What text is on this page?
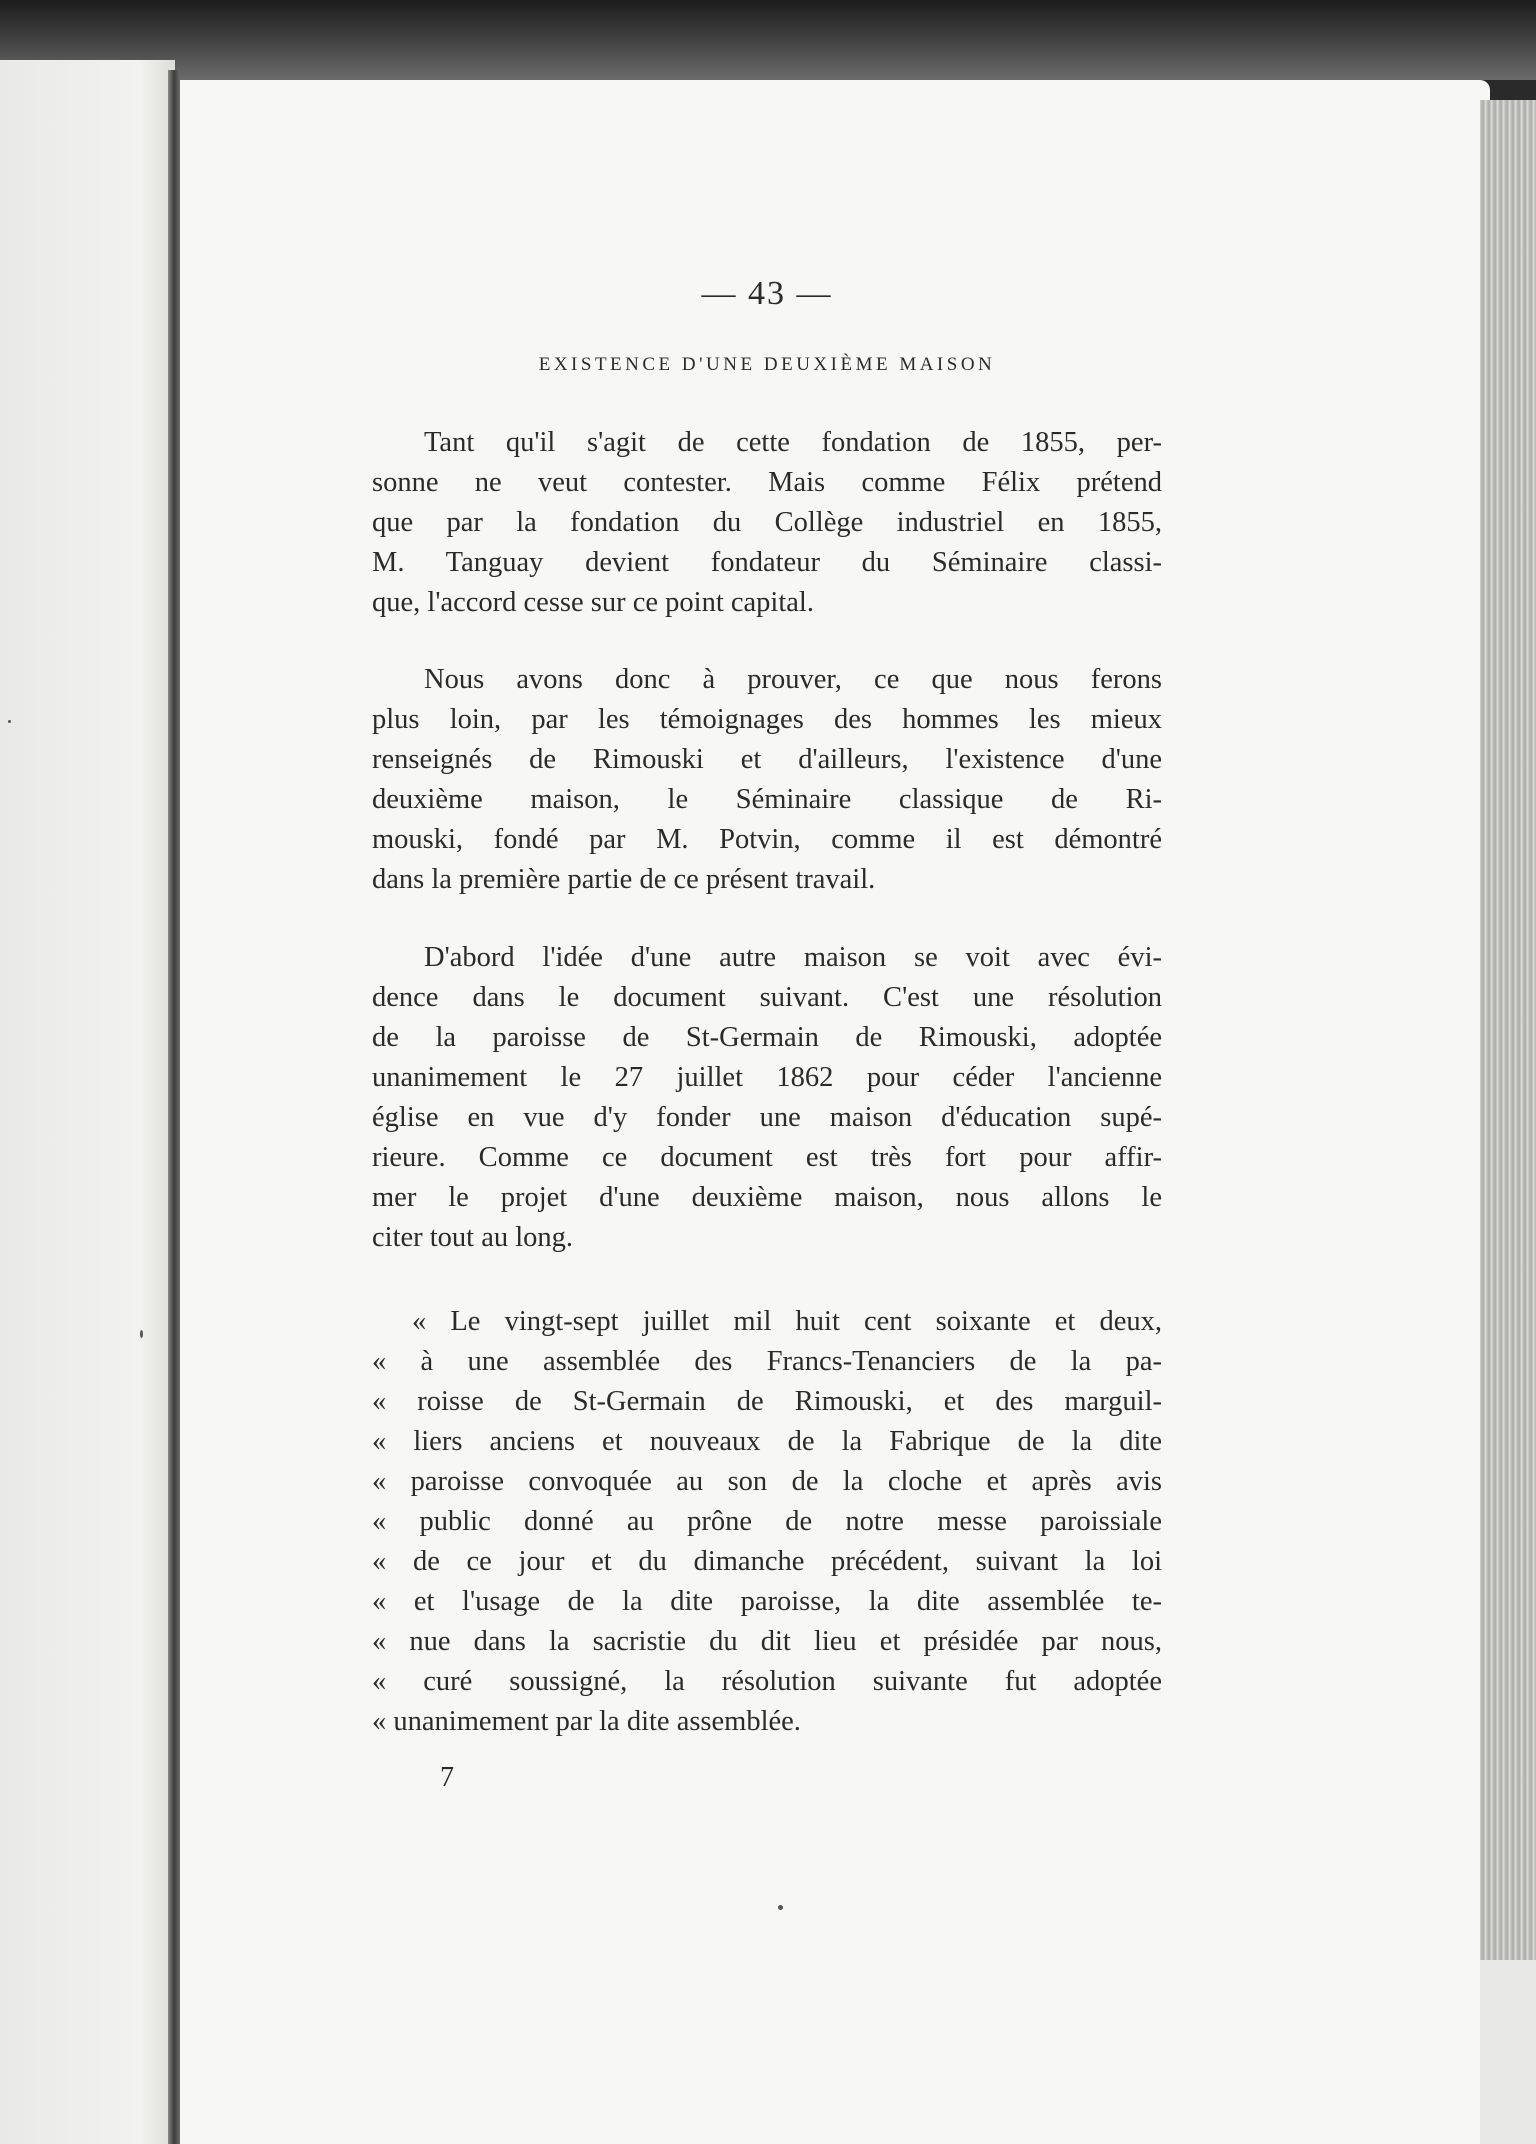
— 43 —
EXISTENCE D'UNE DEUXIÈME MAISON
Tant qu'il s'agit de cette fondation de 1855, per-
sonne ne veut contester. Mais comme Félix prétend
que par la fondation du Collège industriel en 1855,
M. Tanguay devient fondateur du Séminaire classi-
que, l'accord cesse sur ce point capital.
Nous avons donc à prouver, ce que nous ferons
plus loin, par les témoignages des hommes les mieux
renseignés de Rimouski et d'ailleurs, l'existence d'une
deuxième maison, le Séminaire classique de Ri-
mouski, fondé par M. Potvin, comme il est démontré
dans la première partie de ce présent travail.
D'abord l'idée d'une autre maison se voit avec évi-
dence dans le document suivant. C'est une résolution
de la paroisse de St-Germain de Rimouski, adoptée
unanimement le 27 juillet 1862 pour céder l'ancienne
église en vue d'y fonder une maison d'éducation supé-
rieure. Comme ce document est très fort pour affir-
mer le projet d'une deuxième maison, nous allons le
citer tout au long.
« Le vingt-sept juillet mil huit cent soixante et deux,
« à une assemblée des Francs-Tenanciers de la pa-
« roisse de St-Germain de Rimouski, et des marguil-
« liers anciens et nouveaux de la Fabrique de la dite
« paroisse convoquée au son de la cloche et après avis
« public donné au prône de notre messe paroissiale
« de ce jour et du dimanche précédent, suivant la loi
« et l'usage de la dite paroisse, la dite assemblée te-
« nue dans la sacristie du dit lieu et présidée par nous,
« curé soussigné, la résolution suivante fut adoptée
« unanimement par la dite assemblée.
7
